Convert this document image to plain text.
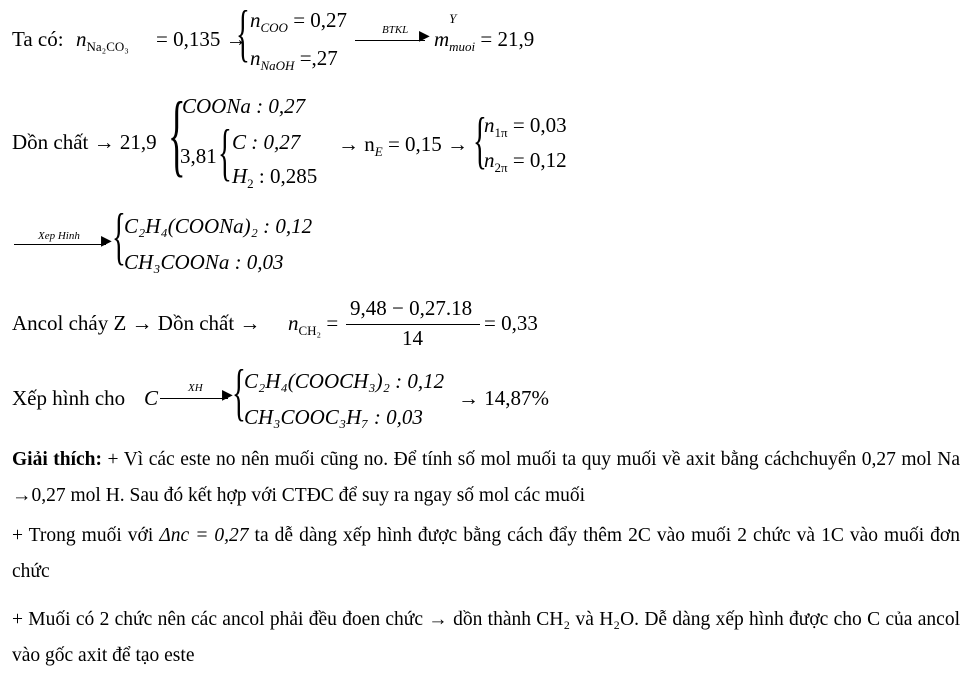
Ta có: $n_{Na_2CO_3} = 0,135$ →
{ $n_{COO} = 0,27$
$n_{NaOH} =,27$
BTKL ▶ m
Y
$_{muoi}$ = 21,9
Dồn chất → 21,9 {
COONa : 0,27
3,81 { C : 0,27
$H_2$ : 0,285
→ $n_E = 0,15$ → {
$n_{1\pi} = 0,03$
$n_{2\pi} = 0,12$
Xep Hinh ▶ {
C₂H₄(COONa)₂ : 0,12
CH₃COONa : 0,03
Ancol cháy Z → Dồn chất → $n_{CH_2}$ =
9,48 − 0,27.18
14
= 0,33
Xếp hình cho C	XH ▶ {
C₂H₄(COOCH₃)₂ : 0,12
CH₃COOC₃H₇ : 0,03
→ 14,87%
Giải thích: + Vì các este no nên muối cũng no. Để tính số mol muối ta quy muối về axit bằng cáchchuyển 0,27 mol Na →0,27 mol H. Sau đó kết hợp với CTĐC để suy ra ngay số mol các muối
+ Trong muối với Δnc = 0,27 ta dễ dàng xếp hình được bằng cách đẩy thêm 2C vào muối 2 chức và 1C vào muối đơn chức
+ Muối có 2 chức nên các ancol phải đều đoen chức → dồn thành CH₂ và H₂O. Dễ dàng xếp hình được cho C của ancol vào gốc axit để tạo este
